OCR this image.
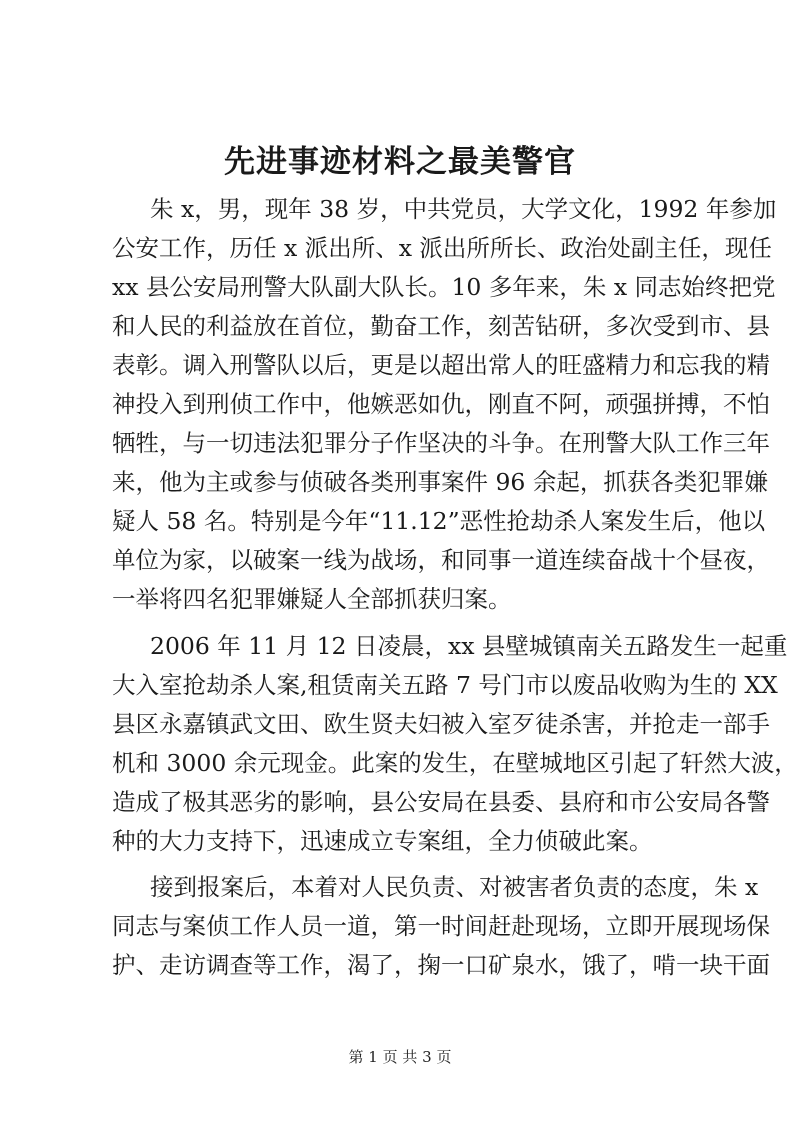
先进事迹材料之最美警官
朱 x，男，现年 38 岁，中共党员，大学文化，1992 年参加
公安工作，历任 x 派出所、x 派出所所长、政治处副主任，现任
xx 县公安局刑警大队副大队长。10 多年来，朱 x 同志始终把党
和人民的利益放在首位，勤奋工作，刻苦钻研，多次受到市、县
表彰。调入刑警队以后，更是以超出常人的旺盛精力和忘我的精
神投入到刑侦工作中，他嫉恶如仇，刚直不阿，顽强拼搏，不怕
牺牲，与一切违法犯罪分子作坚决的斗争。在刑警大队工作三年
来，他为主或参与侦破各类刑事案件 96 余起，抓获各类犯罪嫌
疑人 58 名。特别是今年“11.12”恶性抢劫杀人案发生后，他以
单位为家，以破案一线为战场，和同事一道连续奋战十个昼夜，
一举将四名犯罪嫌疑人全部抓获归案。
2006 年 11 月 12 日凌晨，xx 县壁城镇南关五路发生一起重
大入室抢劫杀人案,租赁南关五路 7 号门市以废品收购为生的 XX
县区永嘉镇武文田、欧生贤夫妇被入室歹徒杀害，并抢走一部手
机和 3000 余元现金。此案的发生，在壁城地区引起了轩然大波，
造成了极其恶劣的影响，县公安局在县委、县府和市公安局各警
种的大力支持下，迅速成立专案组，全力侦破此案。
接到报案后，本着对人民负责、对被害者负责的态度，朱 x
同志与案侦工作人员一道，第一时间赶赴现场，立即开展现场保
护、走访调查等工作，渴了，掬一口矿泉水，饿了，啃一块干面
第 1 页 共 3 页
